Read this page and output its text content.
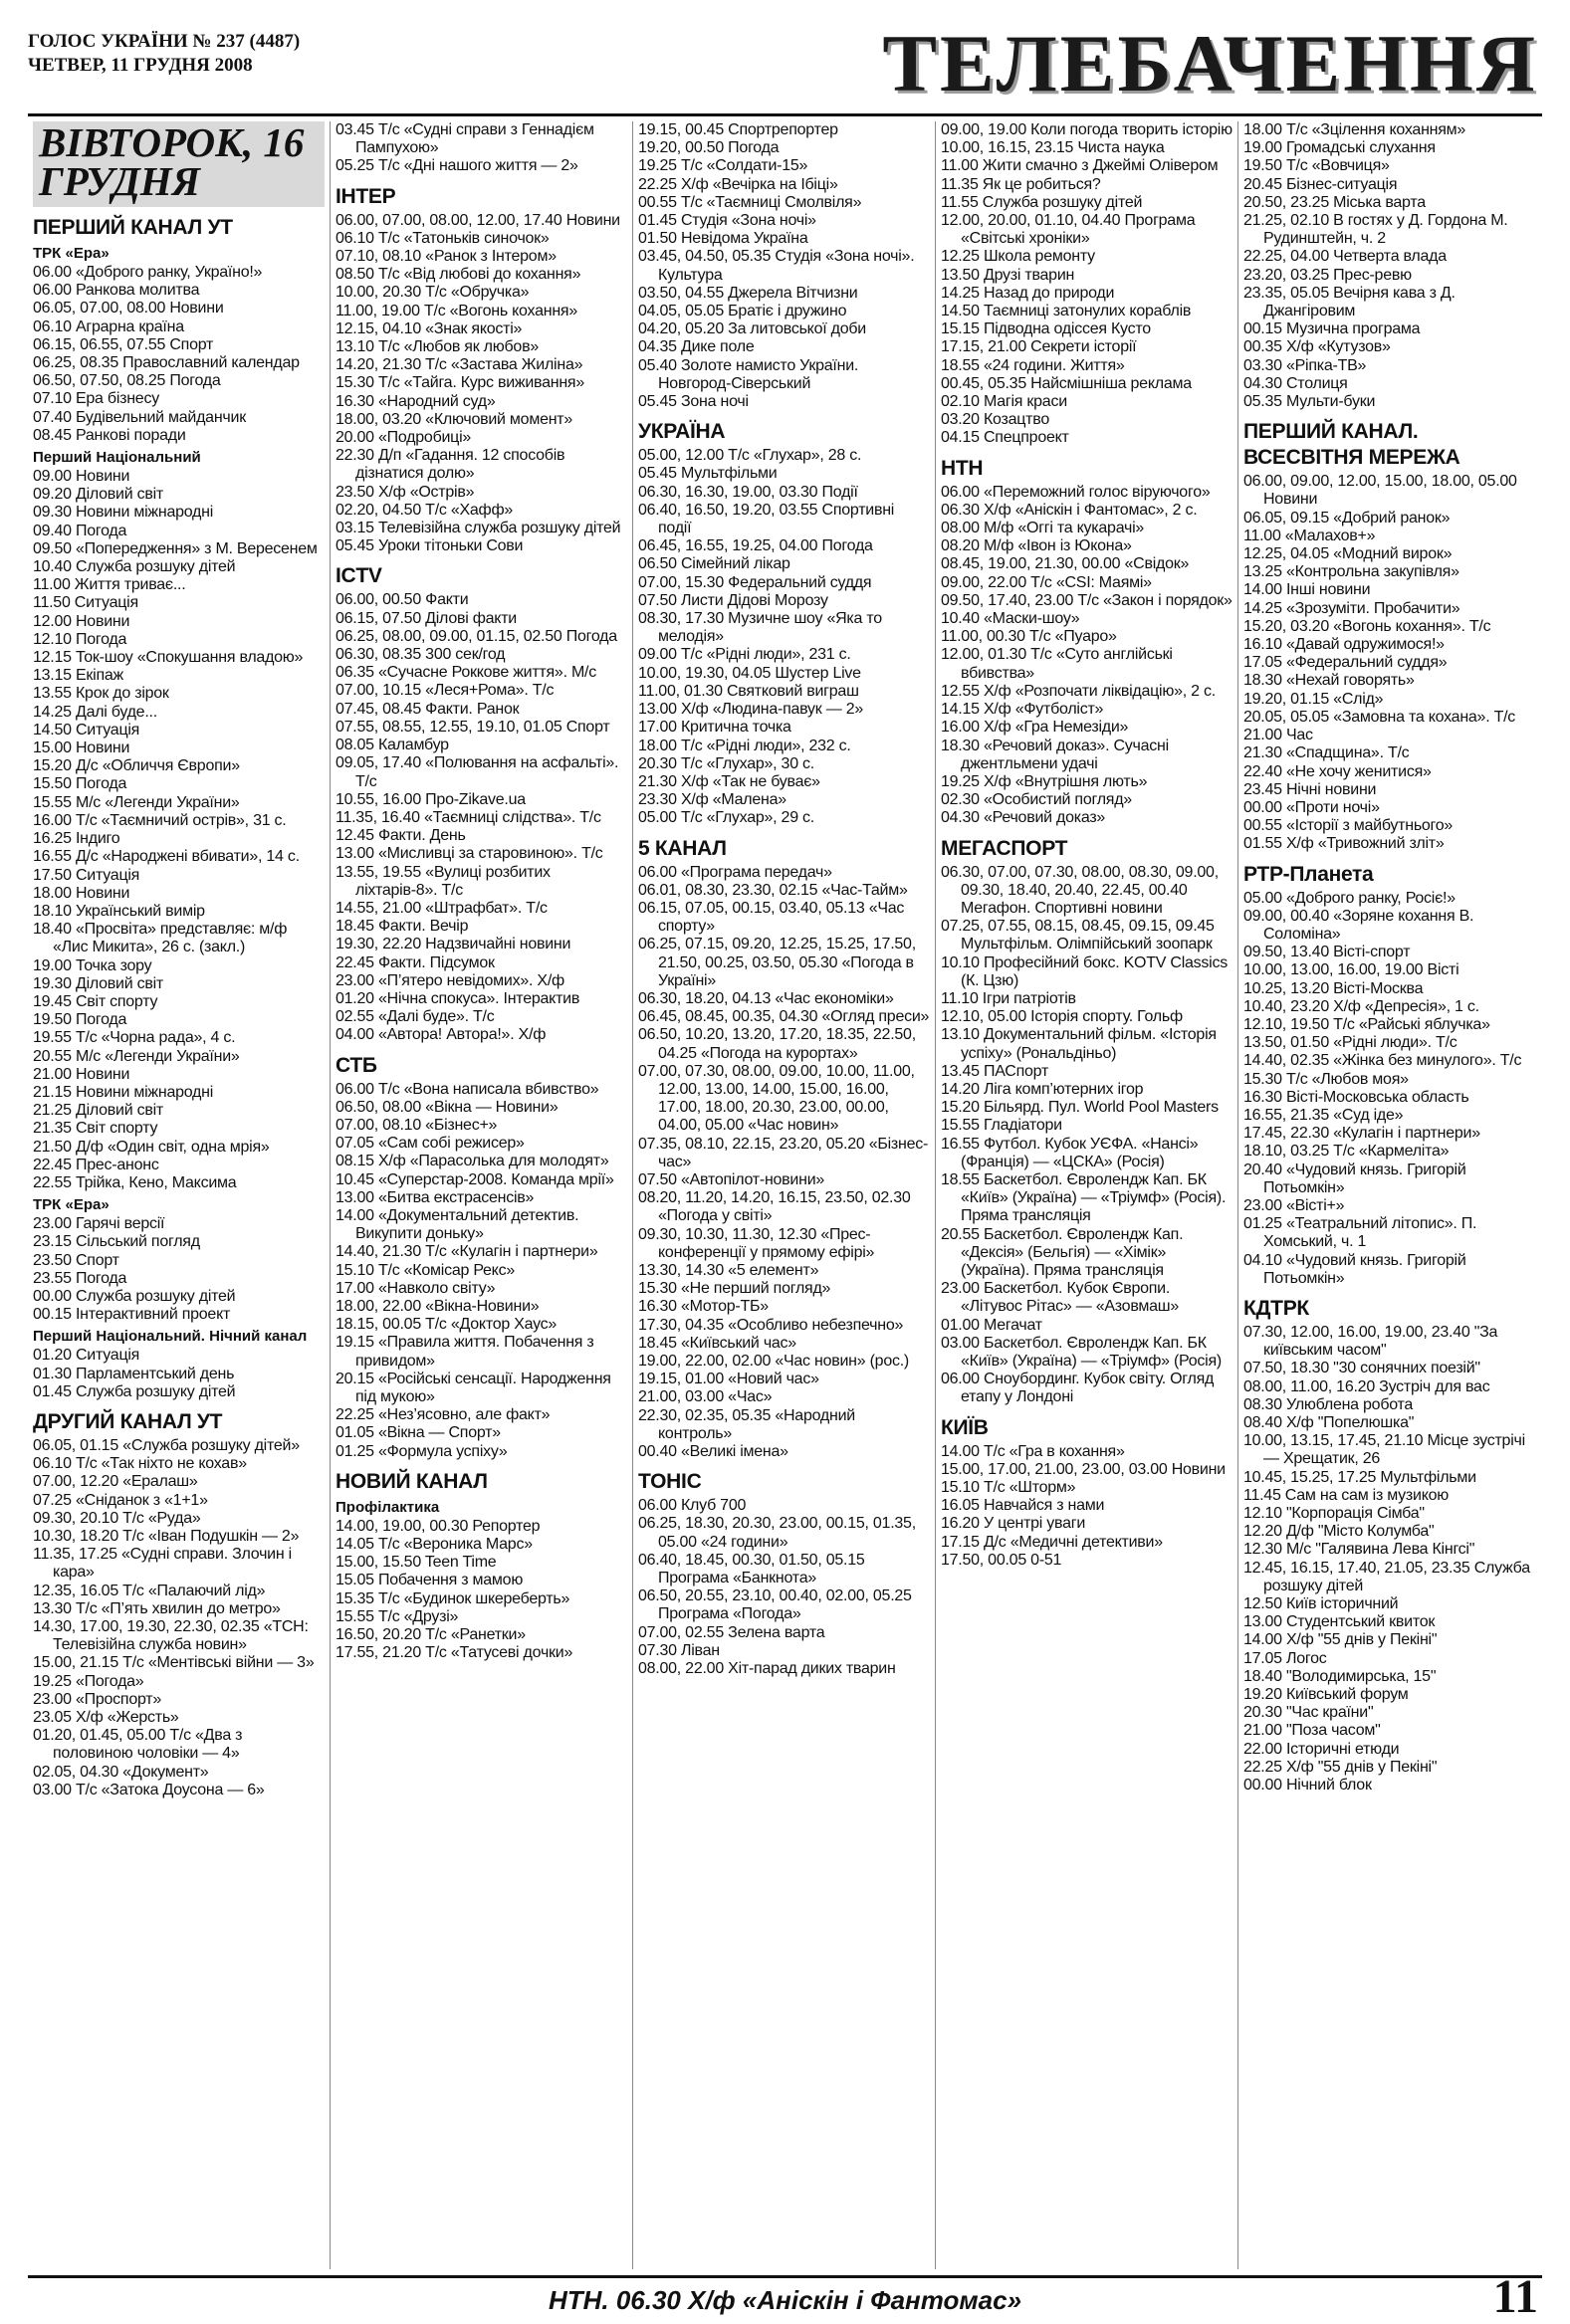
ГОЛОС УКРАЇНИ № 237 (4487)
ЧЕТВЕР, 11 ГРУДНЯ 2008	ТЕЛЕБАЧЕННЯ
ВIВТОРОК, 16 ГРУДНЯ
ПЕРШИЙ КАНАЛ УТ
ТРК «Ера»
06.00 «Доброго ранку, Україно!»
06.00 Ранкова молитва
06.05, 07.00, 08.00 Новини
06.10 Аграрна країна
06.15, 06.55, 07.55 Спорт
06.25, 08.35 Православний календар
06.50, 07.50, 08.25 Погода
07.10 Ера бiзнесу
07.40 Будiвельний майданчик
08.45 Ранковi поради
Перший Нацiональний
09.00 Новини
09.20 Дiловий свiт
09.30 Новини мiжнароднi
09.40 Погода
09.50 «Попередження» з М. Вересенем
10.40 Служба розшуку дiтей
11.00 Життя триває...
11.50 Ситуацiя
12.00 Новини
12.10 Погода
12.15 Ток-шоу «Спокушання владою»
13.15 Екiпаж
13.55 Крок до зiрок
14.25 Далi буде...
14.50 Ситуацiя
15.00 Новини
15.20 Д/с «Обличчя Європи»
15.50 Погода
15.55 М/с «Легенди України»
16.00 Т/с «Таємничий острiв», 31 с.
16.25 Iндиго
16.55 Д/с «Народженi вбивати», 14 с.
17.50 Ситуацiя
18.00 Новини
18.10 Український вимiр
18.40 «Просвiта» представляє: м/ф «Лис Микита», 26 с. (закл.)
19.00 Точка зору
19.30 Дiловий свiт
19.45 Свiт спорту
19.50 Погода
19.55 Т/с «Чорна рада», 4 с.
20.55 М/с «Легенди України»
21.00 Новини
21.15 Новини мiжнароднi
21.25 Дiловий свiт
21.35 Свiт спорту
21.50 Д/ф «Один свiт, одна мрiя»
22.45 Прес-анонс
22.55 Трiйка, Кено, Максима
ТРК «Ера»
23.00 Гарячi версiї
23.15 Сiльський погляд
23.50 Спорт
23.55 Погода
00.00 Служба розшуку дiтей
00.15 Iнтерактивний проект
Перший Нацiональний. Нiчний канал
01.20 Ситуацiя
01.30 Парламентський день
01.45 Служба розшуку дiтей
ДРУГИЙ КАНАЛ УТ
06.05, 01.15 «Служба розшуку дiтей»
06.10 Т/с «Так нiхто не кохав»
07.00, 12.20 «Ералаш»
07.25 «Снiданок з «1+1»
09.30, 20.10 Т/с «Руда»
10.30, 18.20 Т/с «Iван Подушкiн — 2»
11.35, 17.25 «Суднi справи. Злочин i кара»
12.35, 16.05 Т/с «Палаючий лiд»
13.30 Т/с «П’ять хвилин до метро»
14.30, 17.00, 19.30, 22.30, 02.35 «ТСН: Телевiзiйна служба новин»
15.00, 21.15 Т/с «Ментiвськi вiйни — 3»
19.25 «Погода»
23.00 «Проспорт»
23.05 Х/ф «Жерсть»
01.20, 01.45, 05.00 Т/с «Два з половиною чоловiки — 4»
02.05, 04.30 «Документ»
03.00 Т/с «Затока Доусона — 6»
03.45 Т/с «Суднi справи з Геннадiєм Пампухою»
05.25 Т/с «Днi нашого життя — 2»
IНТЕР
06.00, 07.00, 08.00, 12.00, 17.40 Новини
06.10 Т/с «Татонькiв синочок»
07.10, 08.10 «Ранок з Iнтером»
08.50 Т/с «Вiд любовi до кохання»
10.00, 20.30 Т/с «Обручка»
11.00, 19.00 Т/с «Вогонь кохання»
12.15, 04.10 «Знак якостi»
13.10 Т/с «Любов як любов»
14.20, 21.30 Т/с «Застава Жилiна»
15.30 Т/с «Тайга. Курс виживання»
16.30 «Народний суд»
18.00, 03.20 «Ключовий момент»
20.00 «Подробицi»
22.30 Д/п «Гадання. 12 способiв дiзнатися долю»
23.50 Х/ф «Острiв»
02.20, 04.50 Т/с «Хафф»
03.15 Телевiзiйна служба розшуку дiтей
05.45 Уроки тiтоньки Сови
ICTV
06.00, 00.50 Факти
06.15, 07.50 Дiловi факти
06.25, 08.00, 09.00, 01.15, 02.50 Погода
06.30, 08.35 300 сек/год
06.35 «Сучасне Роккове життя». М/с
07.00, 10.15 «Леся+Рома». Т/с
07.45, 08.45 Факти. Ранок
07.55, 08.55, 12.55, 19.10, 01.05 Спорт
08.05 Каламбур
09.05, 17.40 «Полювання на асфальтi». Т/с
10.55, 16.00 Про-Zikave.ua
11.35, 16.40 «Таємницi слiдства». Т/с
12.45 Факти. День
13.00 «Мисливцi за старовиною». Т/с
13.55, 19.55 «Вулицi розбитих лiхтарiв-8». Т/с
14.55, 21.00 «Штрафбат». Т/с
18.45 Факти. Вечiр
19.30, 22.20 Надзвичайнi новини
22.45 Факти. Пiдсумок
23.00 «П’ятеро невiдомих». Х/ф
01.20 «Нiчна спокуса». Iнтерактив
02.55 «Далi буде». Т/с
04.00 «Автора! Автора!». Х/ф
СТБ
06.00 Т/с «Вона написала вбивство»
06.50, 08.00 «Вiкна — Новини»
07.00, 08.10 «Бiзнес+»
07.05 «Сам собi режисер»
08.15 Х/ф «Парасолька для молодят»
10.45 «Суперстар-2008. Команда мрiї»
13.00 «Битва екстрасенсiв»
14.00 «Документальний детектив. Викупити доньку»
14.40, 21.30 Т/с «Кулагiн i партнери»
15.10 Т/с «Комiсар Рекс»
17.00 «Навколо свiту»
18.00, 22.00 «Вiкна-Новини»
18.15, 00.05 Т/с «Доктор Хаус»
19.15 «Правила життя. Побачення з привидом»
20.15 «Росiйськi сенсацiї. Народження пiд мукою»
22.25 «Нез’ясовно, але факт»
01.05 «Вiкна — Спорт»
01.25 «Формула успiху»
НОВИЙ КАНАЛ
Профiлактика
14.00, 19.00, 00.30 Репортер
14.05 Т/с «Вероника Марс»
15.00, 15.50 Teen Time
15.05 Побачення з мамою
15.35 Т/с «Будинок шкереберть»
15.55 Т/с «Друзi»
16.50, 20.20 Т/с «Ранетки»
17.55, 21.20 Т/с «Татусевi дочки»
19.15, 00.45 Спортрепортер
19.20, 00.50 Погода
19.25 Т/с «Солдати-15»
22.25 Х/ф «Вечiрка на Iбiцi»
00.55 Т/с «Таємницi Смолвiля»
01.45 Студiя «Зона ночi»
01.50 Невiдома Україна
03.45, 04.50, 05.35 Студiя «Зона ночi». Культура
03.50, 04.55 Джерела Вiтчизни
04.05, 05.05 Братiє i дружино
04.20, 05.20 За литовськоï доби
04.35 Дике поле
05.40 Золоте намисто України. Новгород-Сiверський
05.45 Зона ночi
УКРАЇНА
05.00, 12.00 Т/с «Глухар», 28 с.
05.45 Мультфiльми
06.30, 16.30, 19.00, 03.30 Подiї
06.40, 16.50, 19.20, 03.55 Спортивнi подiї
06.45, 16.55, 19.25, 04.00 Погода
06.50 Сiмейний лiкар
07.00, 15.30 Федеральний суддя
07.50 Листи Дiдовi Морозу
08.30, 17.30 Музичне шоу «Яка то мелодiя»
09.00 Т/с «Рiднi люди», 231 с.
10.00, 19.30, 04.05 Шустер Live
11.00, 01.30 Святковий виграш
13.00 Х/ф «Людина-павук — 2»
17.00 Критична точка
18.00 Т/с «Рiднi люди», 232 с.
20.30 Т/с «Глухар», 30 с.
21.30 Х/ф «Так не буває»
23.30 Х/ф «Малена»
05.00 Т/с «Глухар», 29 с.
5 КАНАЛ
06.00 «Програма передач»
06.01, 08.30, 23.30, 02.15 «Час-Тайм»
06.15, 07.05, 00.15, 03.40, 05.13 «Час спорту»
06.25, 07.15, 09.20, 12.25, 15.25, 17.50, 21.50, 00.25, 03.50, 05.30 «Погода в Українi»
06.30, 18.20, 04.13 «Час економiки»
06.45, 08.45, 00.35, 04.30 «Огляд преси»
06.50, 10.20, 13.20, 17.20, 18.35, 22.50, 04.25 «Погода на курортах»
07.00, 07.30, 08.00, 09.00, 10.00, 11.00, 12.00, 13.00, 14.00, 15.00, 16.00, 17.00, 18.00, 20.30, 23.00, 00.00, 04.00, 05.00 «Час новин»
07.35, 08.10, 22.15, 23.20, 05.20 «Бiзнес-час»
07.50 «Автопiлот-новини»
08.20, 11.20, 14.20, 16.15, 23.50, 02.30 «Погода у свiтi»
09.30, 10.30, 11.30, 12.30 «Прес-конференцiї у прямому ефiрi»
13.30, 14.30 «5 елемент»
15.30 «Не перший погляд»
16.30 «Мотор-ТБ»
17.30, 04.35 «Особливо небезпечно»
18.45 «Київський час»
19.00, 22.00, 02.00 «Час новин» (рос.)
19.15, 01.00 «Новий час»
21.00, 03.00 «Час»
22.30, 02.35, 05.35 «Народний контроль»
00.40 «Великi iмена»
TOHIC
06.00 Клуб 700
06.25, 18.30, 20.30, 23.00, 00.15, 01.35, 05.00 «24 години»
06.40, 18.45, 00.30, 01.50, 05.15 Програма «Банкнота»
06.50, 20.55, 23.10, 00.40, 02.00, 05.25 Програма «Погода»
07.00, 02.55 Зелена варта
07.30 Лiван
08.00, 22.00 Хiт-парад диких тварин
09.00, 19.00 Коли погода творить iсторiю
10.00, 16.15, 23.15 Чиста наука
11.00 Жити смачно з Джеймi Олiвером
11.35 Як це робиться?
11.55 Служба розшуку дiтей
12.00, 20.00, 01.10, 04.40 Програма «Свiтськi хронiки»
12.25 Школа ремонту
13.50 Друзi тварин
14.25 Назад до природи
14.50 Таємницi затонулих кораблiв
15.15 Пiдводна одiссея Кусто
17.15, 21.00 Секрети iсторiї
18.55 «24 години. Життя»
00.45, 05.35 Найсмiшнiша реклама
02.10 Магiя краси
03.20 Козацтво
04.15 Спецпроект
НТН
06.00 «Переможний голос вiруючого»
06.30 Х/ф «Анiскiн i Фантомас», 2 с.
08.00 М/ф «Оггi та кукарачi»
08.20 М/ф «Iвон iз Юкона»
08.45, 19.00, 21.30, 00.00 «Свiдок»
09.00, 22.00 Т/с «CSI: Маямi»
09.50, 17.40, 23.00 Т/с «Закон i порядок»
10.40 «Маски-шоу»
11.00, 00.30 Т/с «Пуаро»
12.00, 01.30 Т/с «Суто англiйськi вбивства»
12.55 Х/ф «Розпочати лiквiдацiю», 2 с.
14.15 Х/ф «Футболiст»
16.00 Х/ф «Гра Немезiди»
18.30 «Речовий доказ». Сучаснi джентльмени удачi
19.25 Х/ф «Внутрiшня лють»
02.30 «Особистий погляд»
04.30 «Речовий доказ»
МЕГАСПОРТ
06.30, 07.00, 07.30, 08.00, 08.30, 09.00, 09.30, 18.40, 20.40, 22.45, 00.40 Мегафон. Спортивнi новини
07.25, 07.55, 08.15, 08.45, 09.15, 09.45 Мультфiльм. Олiмпiйський зоопарк
10.10 Професiйний бокс. KOTV Classics (К. Цзю)
11.10 Iгри патрiотiв
12.10, 05.00 Iсторiя спорту. Гольф
13.10 Документальний фiльм. «Iсторiя успiху» (Рональдiньо)
13.45 ПАСпорт
14.20 Лiга комп’ютерних iгор
15.20 Бiльярд. Пул. World Pool Masters
15.55 Гладiатори
16.55 Футбол. Кубок УЄФА. «Нансi» (Францiя) — «ЦСКА» (Росiя)
18.55 Баскетбол. Євролендж Кап. БК «Київ» (Україна) — «Трiумф» (Росiя). Пряма трансляцiя
20.55 Баскетбол. Євролендж Кап. «Дексiя» (Бельгiя) — «Хiмiк» (Україна). Пряма трансляцiя
23.00 Баскетбол. Кубок Європи. «Лiтувос Рiтас» — «Азовмаш»
01.00 Мегачат
03.00 Баскетбол. Євролендж Кап. БК «Київ» (Україна) — «Трiумф» (Росiя)
06.00 Сноубординг. Кубок свiту. Огляд етапу у Лондонi
КИЇВ
14.00 Т/с «Гра в кохання»
15.00, 17.00, 21.00, 23.00, 03.00 Новини
15.10 Т/с «Шторм»
16.05 Навчайся з нами
16.20 У центрi уваги
17.15 Д/с «Медичнi детективи»
17.50, 00.05 0-51
18.00 Т/с «Зцiлення коханням»
19.00 Громадськi слухання
19.50 Т/с «Вовчиця»
20.45 Бiзнес-ситуацiя
20.50, 23.25 Мiська варта
21.25, 02.10 В гостях у Д. Гордона М. Рудинштейн, ч. 2
22.25, 04.00 Четверта влада
23.20, 03.25 Прес-ревю
23.35, 05.05 Вечiрня кава з Д. Джангiровим
00.15 Музична програма
00.35 Х/ф «Кутузов»
03.30 «Рiпка-ТВ»
04.30 Столиця
05.35 Мульти-буки
ПЕРШИЙ КАНАЛ. ВСЕСВIТНЯ МЕРЕЖА
06.00, 09.00, 12.00, 15.00, 18.00, 05.00 Новини
06.05, 09.15 «Добрий ранок»
11.00 «Малахов+»
12.25, 04.05 «Модний вирок»
13.25 «Контрольна закупiвля»
14.00 Iншi новини
14.25 «Зрозумiти. Пробачити»
15.20, 03.20 «Вогонь кохання». Т/с
16.10 «Давай одружимося!»
17.05 «Федеральний суддя»
18.30 «Нехай говорять»
19.20, 01.15 «Слiд»
20.05, 05.05 «Замовна та кохана». Т/с
21.00 Час
21.30 «Спадщина». Т/с
22.40 «Не хочу женитися»
23.45 Нiчнi новини
00.00 «Проти ночi»
00.55 «Iсторiї з майбутнього»
01.55 Х/ф «Тривожний злiт»
РТР-Планета
05.00 «Доброго ранку, Росiє!»
09.00, 00.40 «Зоряне кохання В. Соломiна»
09.50, 13.40 Вiстi-спорт
10.00, 13.00, 16.00, 19.00 Вiстi
10.25, 13.20 Вiстi-Москва
10.40, 23.20 Х/ф «Депресiя», 1 с.
12.10, 19.50 Т/с «Райськi яблучка»
13.50, 01.50 «Рiднi люди». Т/с
14.40, 02.35 «Жiнка без минулого». Т/с
15.30 Т/с «Любов моя»
16.30 Вiстi-Московська область
16.55, 21.35 «Суд iде»
17.45, 22.30 «Кулагiн i партнери»
18.10, 03.25 Т/с «Кармелiта»
20.40 «Чудовий князь. Григорiй Потьомкiн»
23.00 «Вiстi+»
01.25 «Театральний лiтопис». П. Хомський, ч. 1
04.10 «Чудовий князь. Григорiй Потьомкiн»
КДТРК
07.30, 12.00, 16.00, 19.00, 23.40 "За київським часом"
07.50, 18.30 "30 сонячних поезiй"
08.00, 11.00, 16.20 Зустрiч для вас
08.30 Улюблена робота
08.40 Х/ф "Попелюшка"
10.00, 13.15, 17.45, 21.10 Мiсце зустрiчi — Хрещатик, 26
10.45, 15.25, 17.25 Мультфiльми
11.45 Сам на сам iз музикою
12.10 "Корпорацiя Сiмба"
12.20 Д/ф "Мiсто Колумба"
12.30 М/с "Галявина Лева Кiнгсi"
12.45, 16.15, 17.40, 21.05, 23.35 Служба розшуку дiтей
12.50 Київ iсторичний
13.00 Студентський квиток
14.00 Х/ф "55 днiв у Пекiнi"
17.05 Логос
18.40 "Володимирська, 15"
19.20 Київський форум
20.30 "Час країни"
21.00 "Поза часом"
22.00 Iсторичнi етюди
22.25 Х/ф "55 днiв у Пекiнi"
00.00 Нiчний блок
НТН. 06.30 Х/ф «Анiскiн i Фантомас»	11
